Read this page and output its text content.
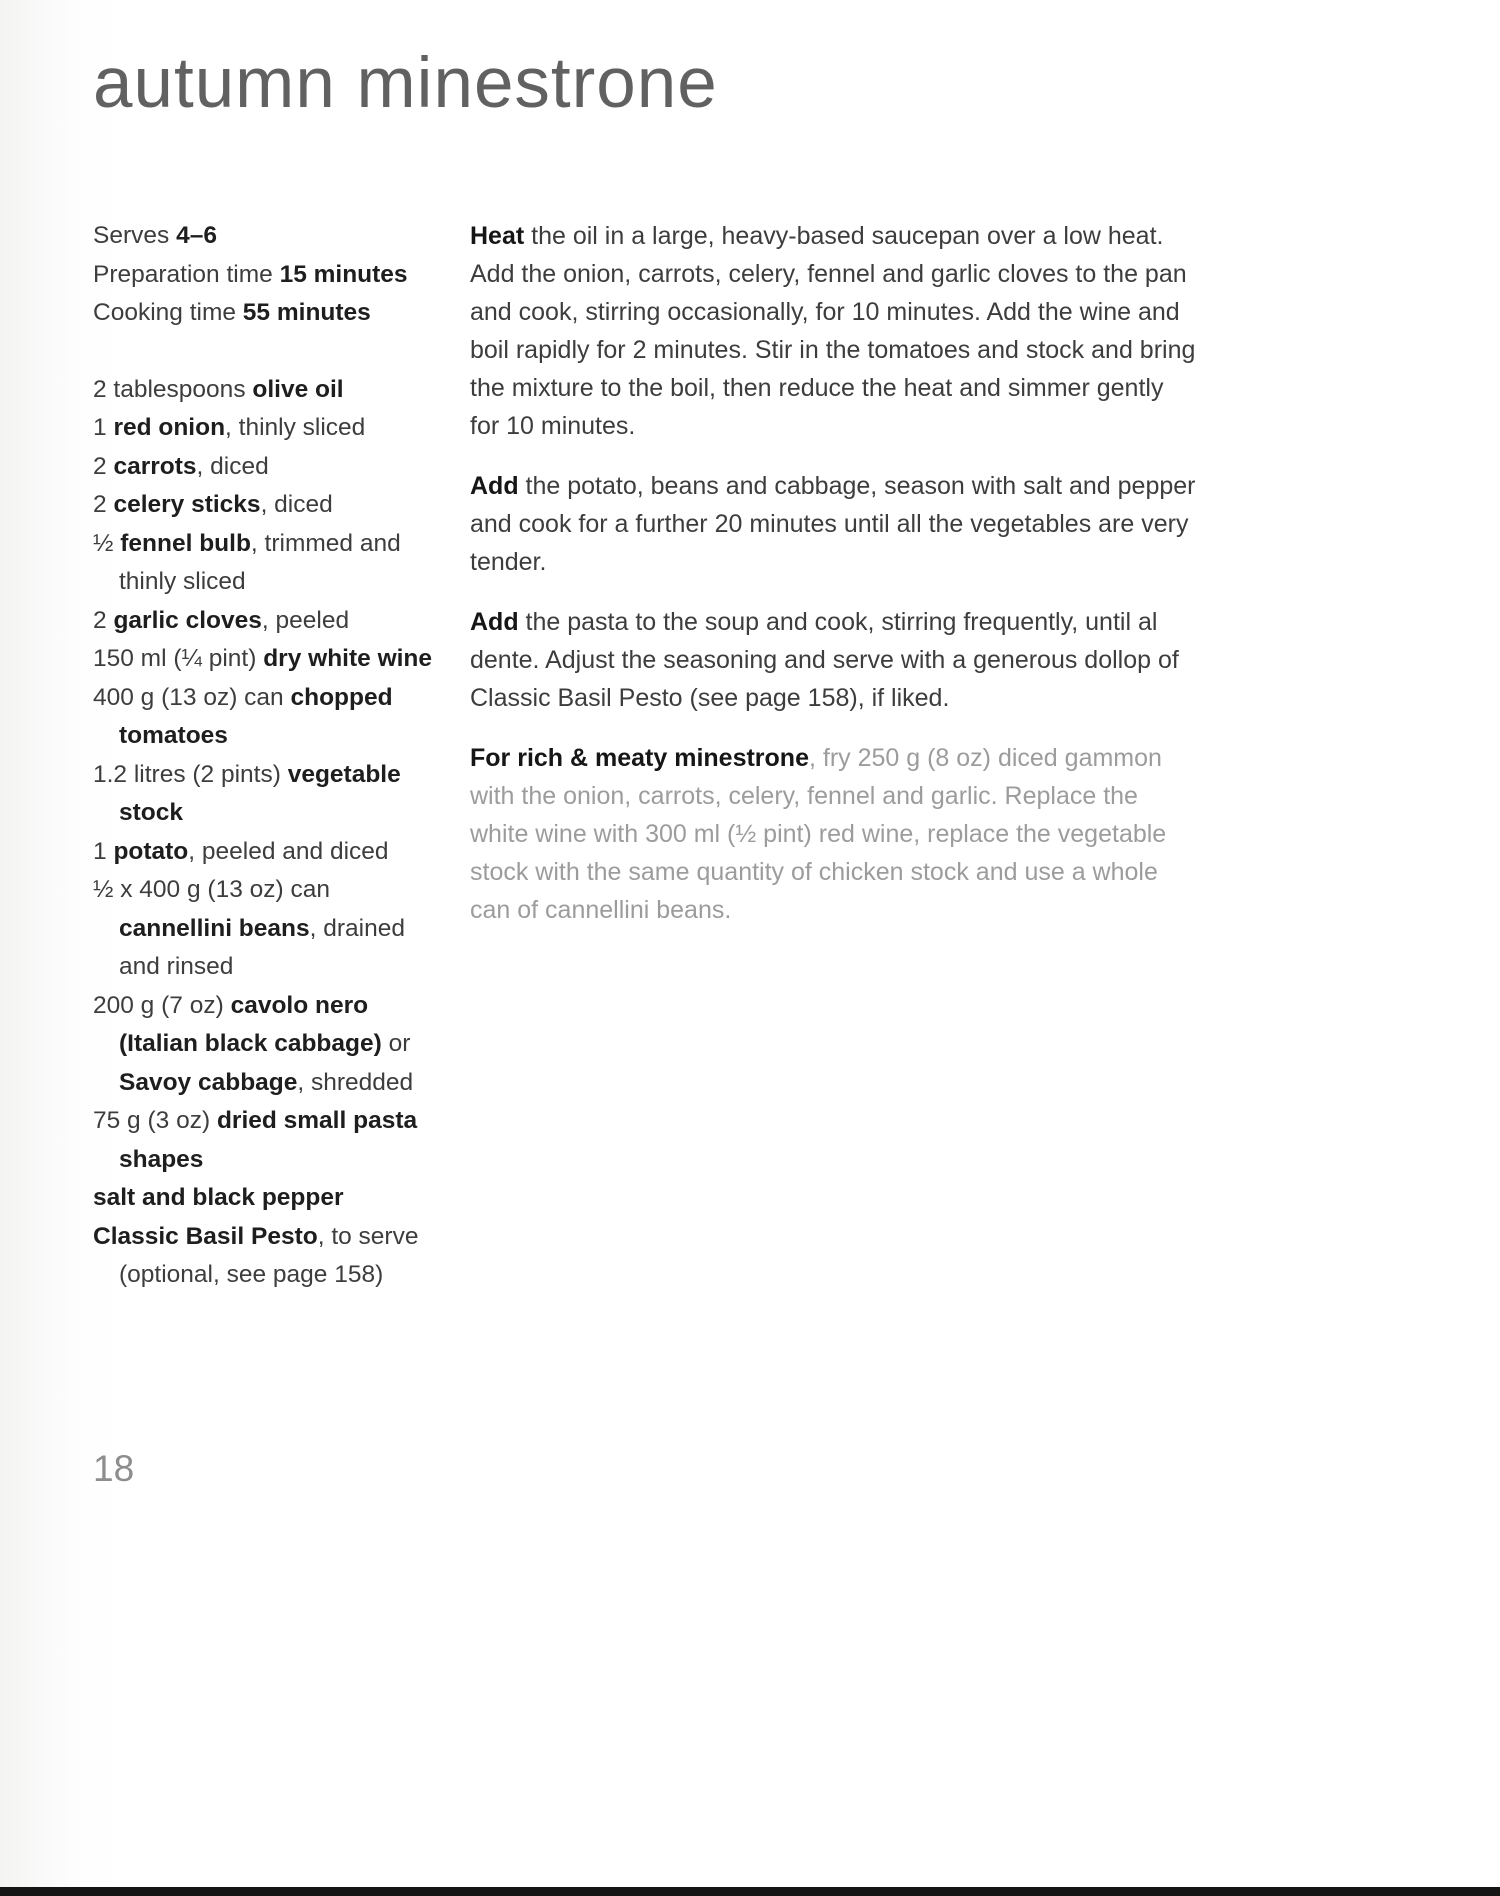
autumn minestrone

Serves 4–6

Preparation time 15 minutes

Cooking time 55 minutes

2 tablespoons olive oil

1 red onion, thinly sliced

2 carrots, diced

2 celery sticks, diced

½ fennel bulb, trimmed and thinly sliced

2 garlic cloves, peeled

150 ml (¼ pint) dry white wine

400 g (13 oz) can chopped tomatoes

1.2 litres (2 pints) vegetable stock

1 potato, peeled and diced

½ x 400 g (13 oz) can cannellini beans, drained and rinsed

200 g (7 oz) cavolo nero (Italian black cabbage) or Savoy cabbage, shredded

75 g (3 oz) dried small pasta shapes

salt and black pepper

Classic Basil Pesto, to serve (optional, see page 158)

Heat the oil in a large, heavy-based saucepan over a low heat. Add the onion, carrots, celery, fennel and garlic cloves to the pan and cook, stirring occasionally, for 10 minutes. Add the wine and boil rapidly for 2 minutes. Stir in the tomatoes and stock and bring the mixture to the boil, then reduce the heat and simmer gently for 10 minutes.

Add the potato, beans and cabbage, season with salt and pepper and cook for a further 20 minutes until all the vegetables are very tender.

Add the pasta to the soup and cook, stirring frequently, until al dente. Adjust the seasoning and serve with a generous dollop of Classic Basil Pesto (see page 158), if liked.

For rich & meaty minestrone, fry 250 g (8 oz) diced gammon with the onion, carrots, celery, fennel and garlic. Replace the white wine with 300 ml (½ pint) red wine, replace the vegetable stock with the same quantity of chicken stock and use a whole can of cannellini beans.

18
